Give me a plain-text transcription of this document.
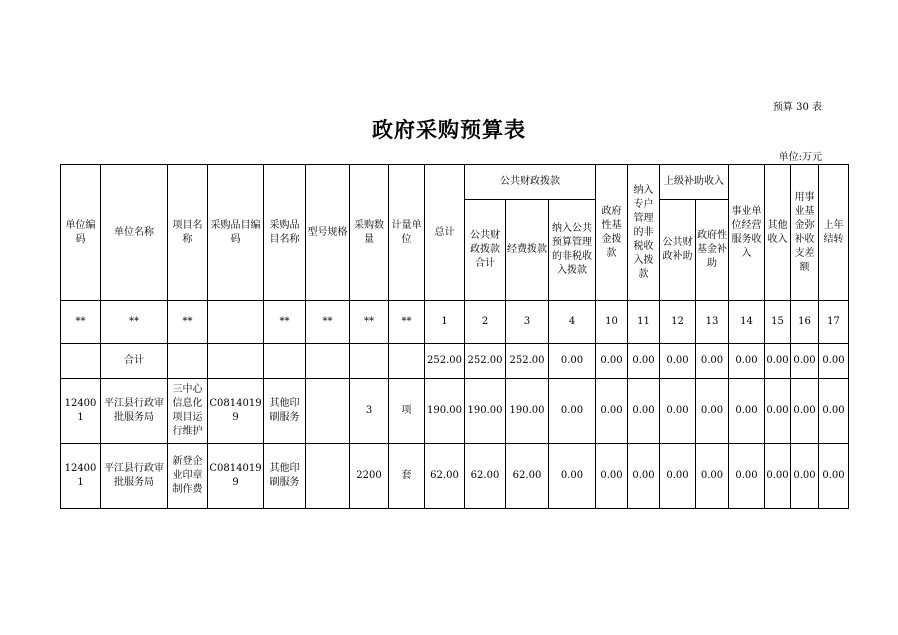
预算 30 表
政府采购预算表
单位:万元
单位编码	单位名称	项目名称	采购品目编码	采购品目名称	型号规格	采购数量	计量单位	总计	公共财政拨款			政府性基金拨款	纳入专户管理的非税收入拨款	上级补助收入		事业单位经营服务收入	其他收入	用事业基金弥补收支差额	上年结转
									公共财政拨款合计	经费拨款	纳入公共预算管理的非税收入拨款			公共财政补助	政府性基金补助				
**	**	**		**	**	**	**	1	2	3	4	10	11	12	13	14	15	16	17
	合计							252.00	252.00	252.00	0.00	0.00	0.00	0.00	0.00	0.00	0.00	0.00	0.00
124001	平江县行政审批服务局	三中心信息化项目运行维护	C08140199	其他印刷服务		3	项	190.00	190.00	190.00	0.00	0.00	0.00	0.00	0.00	0.00	0.00	0.00	0.00
124001	平江县行政审批服务局	新登企业印章制作费	C08140199	其他印刷服务		2200	套	62.00	62.00	62.00	0.00	0.00	0.00	0.00	0.00	0.00	0.00	0.00	0.00
